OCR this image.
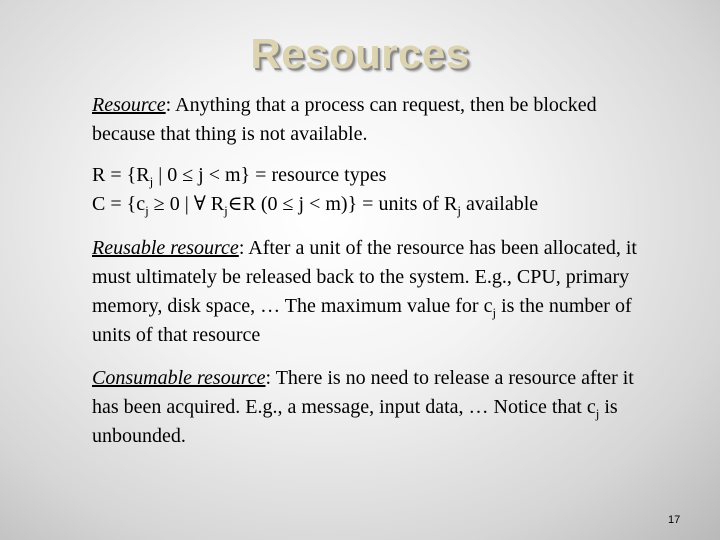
Resources

Resource: Anything that a process can request, then be blocked because that thing is not available.

$R = \{R_j$ | 0 ≤ j < m} = resource types
$C = \{c_j \ge 0$ | ∀ $R_j\in R$ (0 ≤ j < m)} = units of $R_j$ available

Reusable resource: After a unit of the resource has been allocated, it must ultimately be released back to the system. E.g., CPU, primary memory, disk space, … The maximum value for $c_j$ is the number of units of that resource

Consumable resource: There is no need to release a resource after it has been acquired. E.g., a message, input data, … Notice that $c_j$ is unbounded.

17
